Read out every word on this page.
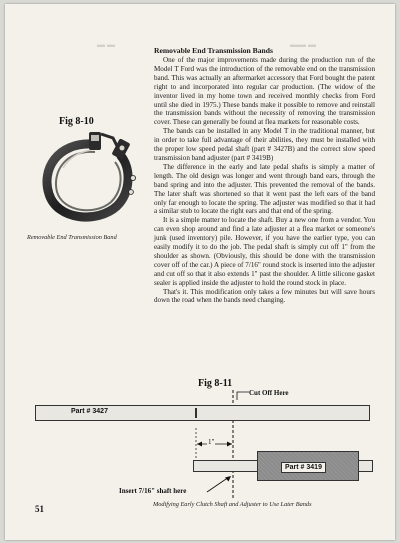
▬ ▬	▬▬ ▬
Fig 8-10
Removable End Transmission Band
Removable End Transmission Bands

One of the major improvements made during the production run of the Model T Ford was the introduction of the removable end on the transmission band. This was actually an aftermarket accessory that Ford bought the patent right to and incorporated into regular car production. (The widow of the inventor lived in my home town and received monthly checks from Ford until she died in 1975.) These bands make it possible to remove and reinstall the transmission bands without the necessity of removing the transmission cover. These can generally be found at flea markets for reasonable costs.

The bands can be installed in any Model T in the traditional manner, but in order to take full advantage of their abilities, they must be installed with the proper low speed pedal shaft (part # 3427B) and the correct slow speed transmission band adjuster (part # 3419B)

The difference in the early and late pedal shafts is simply a matter of length. The old design was longer and went through band ears, through the band spring and into the adjuster. This prevented the removal of the bands. The later shaft was shortened so that it went past the left ears of the band only far enough to locate the spring. The adjuster was modified so that it had a similar stub to locate the right ears and that end of the spring.

It is a simple matter to locate the shaft. Buy a new one from a vendor. You can even shop around and find a late adjuster at a flea market or someone's junk (used inventory) pile. However, if you have the earlier type, you can easily modify it to do the job. The pedal shaft is simply cut off 1" from the shoulder as shown. (Obviously, this should be done with the transmission cover off of the car.) A piece of 7/16" round stock is inserted into the adjuster and cut off so that it also extends 1" past the shoulder. A little silicone gasket sealer is applied inside the adjuster to hold the round stock in place.

That's it. This modification only takes a few minutes but will save hours down the road when the bands need changing.

Fig 8-11
Cut Off Here
Part # 3427
1"
Part # 3419
Insert 7/16" shaft here
Modifying Early Clutch Shaft and Adjuster to Use Later Bands
51
